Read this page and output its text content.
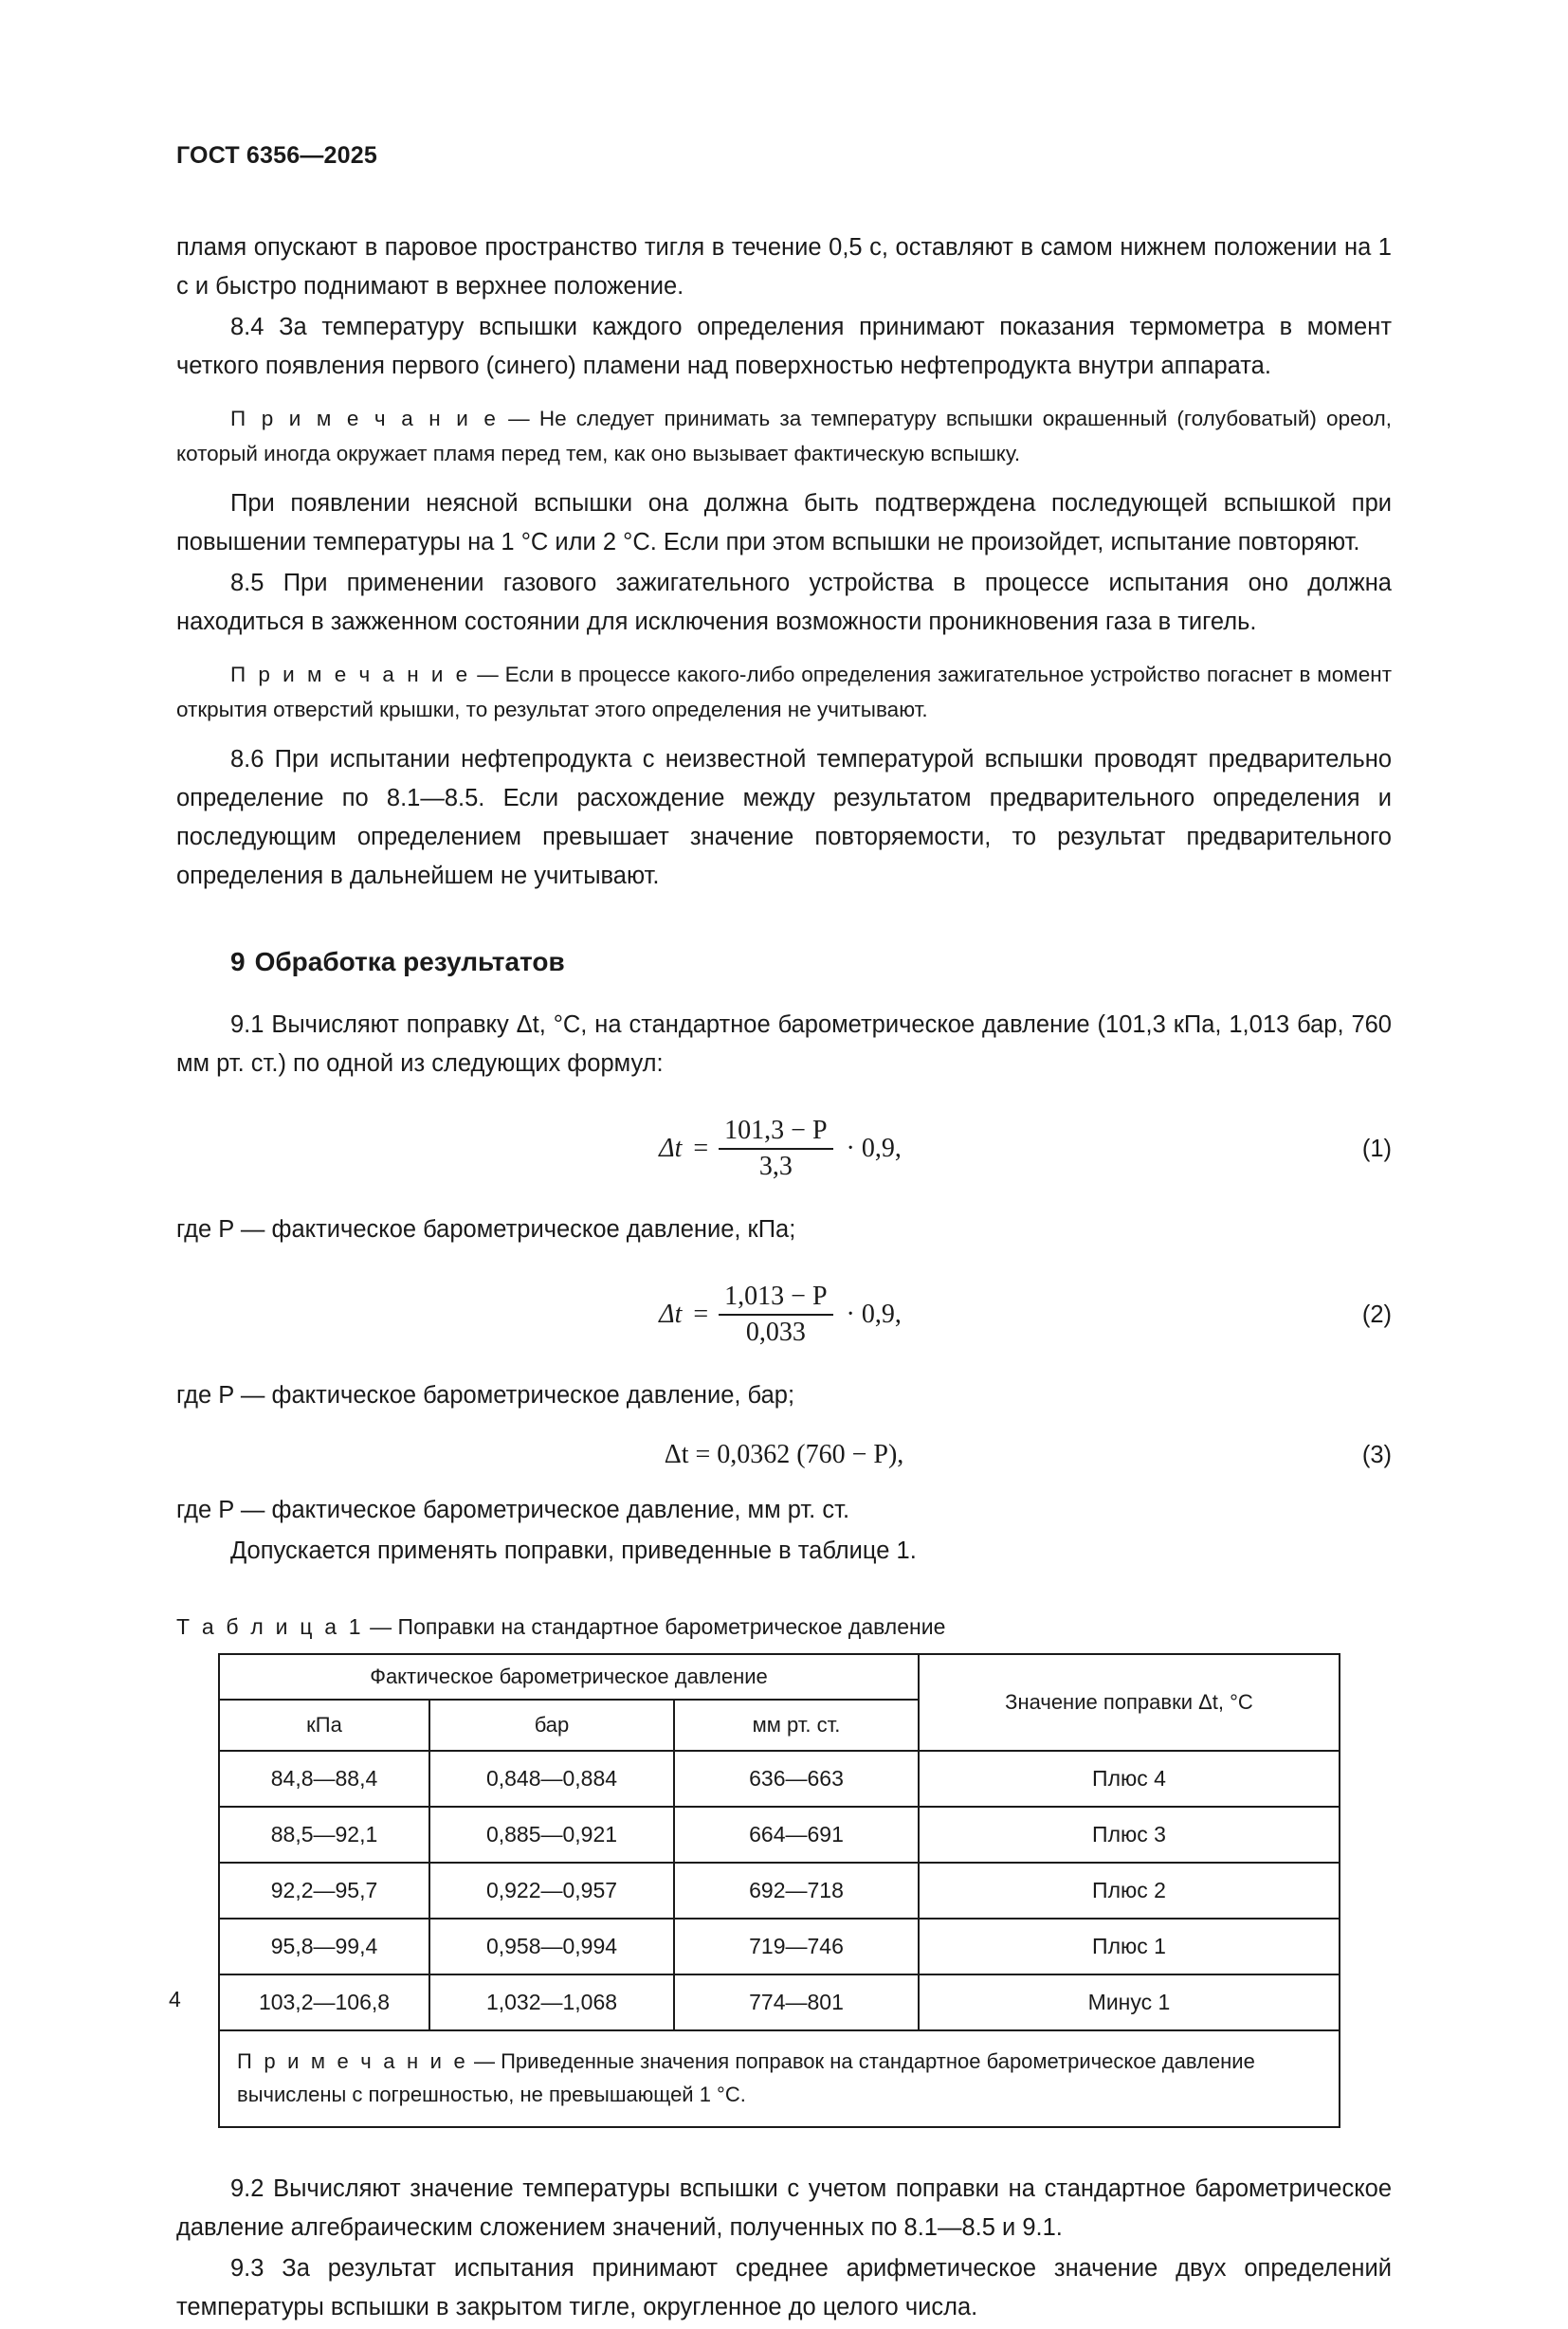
ГОСТ 6356—2025

пламя опускают в паровое пространство тигля в течение 0,5 с, оставляют в самом нижнем положении на 1 с и быстро поднимают в верхнее положение.

8.4 За температуру вспышки каждого определения принимают показания термометра в момент четкого появления первого (синего) пламени над поверхностью нефтепродукта внутри аппарата.

П р и м е ч а н и е — Не следует принимать за температуру вспышки окрашенный (голубоватый) ореол, который иногда окружает пламя перед тем, как оно вызывает фактическую вспышку.

При появлении неясной вспышки она должна быть подтверждена последующей вспышкой при повышении температуры на 1 °С или 2 °С. Если при этом вспышки не произойдет, испытание повторяют.

8.5 При применении газового зажигательного устройства в процессе испытания оно должна находиться в зажженном состоянии для исключения возможности проникновения газа в тигель.

П р и м е ч а н и е — Если в процессе какого-либо определения зажигательное устройство погаснет в момент открытия отверстий крышки, то результат этого определения не учитывают.

8.6 При испытании нефтепродукта с неизвестной температурой вспышки проводят предварительно определение по 8.1—8.5. Если расхождение между результатом предварительного определения и последующим определением превышает значение повторяемости, то результат предварительного определения в дальнейшем не учитывают.

9 Обработка результатов

9.1 Вычисляют поправку Δt, °С, на стандартное барометрическое давление (101,3 кПа, 1,013 бар, 760 мм рт. ст.) по одной из следующих формул:

$\Delta t = \frac{101,3 - P}{3,3} \cdot 0,9$,	(1)

где P — фактическое барометрическое давление, кПа;

$\Delta t = \frac{1,013 - P}{0,033} \cdot 0,9$,	(2)

где P — фактическое барометрическое давление, бар;

Δt = 0,0362 (760 − P),	(3)

где P — фактическое барометрическое давление, мм рт. ст.

Допускается применять поправки, приведенные в таблице 1.

Т а б л и ц а 1 — Поправки на стандартное барометрическое давление
Фактическое барометрическое давление			Значение поправки Δt, °С
кПа	бар	мм рт. ст.	
84,8—88,4	0,848—0,884	636—663	Плюс 4
88,5—92,1	0,885—0,921	664—691	Плюс 3
92,2—95,7	0,922—0,957	692—718	Плюс 2
95,8—99,4	0,958—0,994	719—746	Плюс 1
103,2—106,8	1,032—1,068	774—801	Минус 1
П р и м е ч а н и е — Приведенные значения поправок на стандартное барометрическое давление вычислены с погрешностью, не превышающей 1 °С.			

9.2 Вычисляют значение температуры вспышки с учетом поправки на стандартное барометрическое давление алгебраическим сложением значений, полученных по 8.1—8.5 и 9.1.

9.3 За результат испытания принимают среднее арифметическое значение двух определений температуры вспышки в закрытом тигле, округленное до целого числа.

4
